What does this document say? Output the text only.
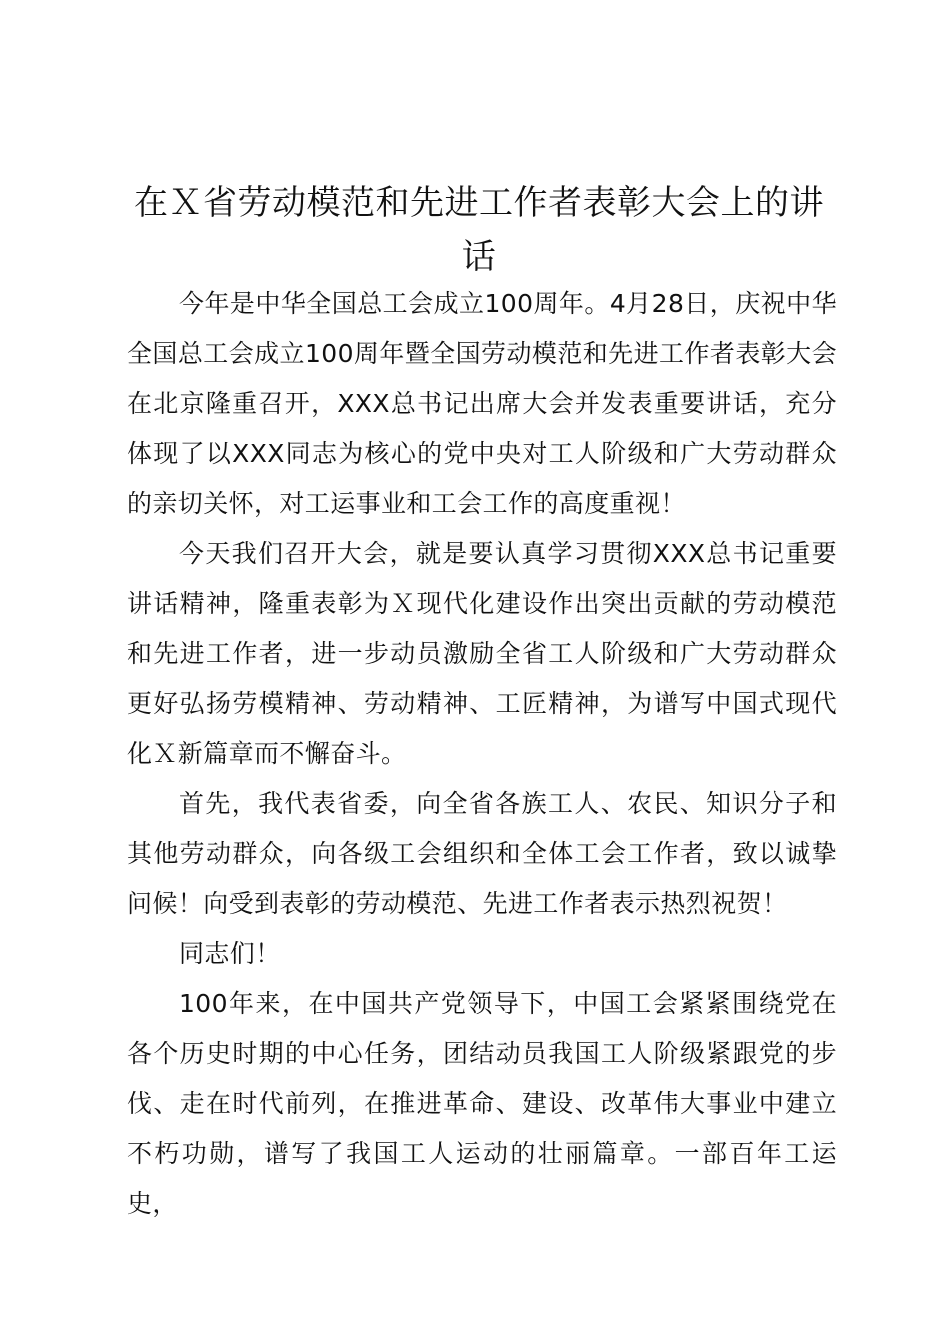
在Ｘ省劳动模范和先进工作者表彰大会上的讲话

今年是中华全国总工会成立100周年。4月28日，庆祝中华全国总工会成立100周年暨全国劳动模范和先进工作者表彰大会在北京隆重召开，XXX总书记出席大会并发表重要讲话，充分体现了以XXX同志为核心的党中央对工人阶级和广大劳动群众的亲切关怀，对工运事业和工会工作的高度重视！

今天我们召开大会，就是要认真学习贯彻XXX总书记重要讲话精神，隆重表彰为Ｘ现代化建设作出突出贡献的劳动模范和先进工作者，进一步动员激励全省工人阶级和广大劳动群众更好弘扬劳模精神、劳动精神、工匠精神，为谱写中国式现代化Ｘ新篇章而不懈奋斗。

首先，我代表省委，向全省各族工人、农民、知识分子和其他劳动群众，向各级工会组织和全体工会工作者，致以诚挚问候！向受到表彰的劳动模范、先进工作者表示热烈祝贺！

同志们！

100年来，在中国共产党领导下，中国工会紧紧围绕党在各个历史时期的中心任务，团结动员我国工人阶级紧跟党的步伐、走在时代前列，在推进革命、建设、改革伟大事业中建立不朽功勋，谱写了我国工人运动的壮丽篇章。一部百年工运史，
